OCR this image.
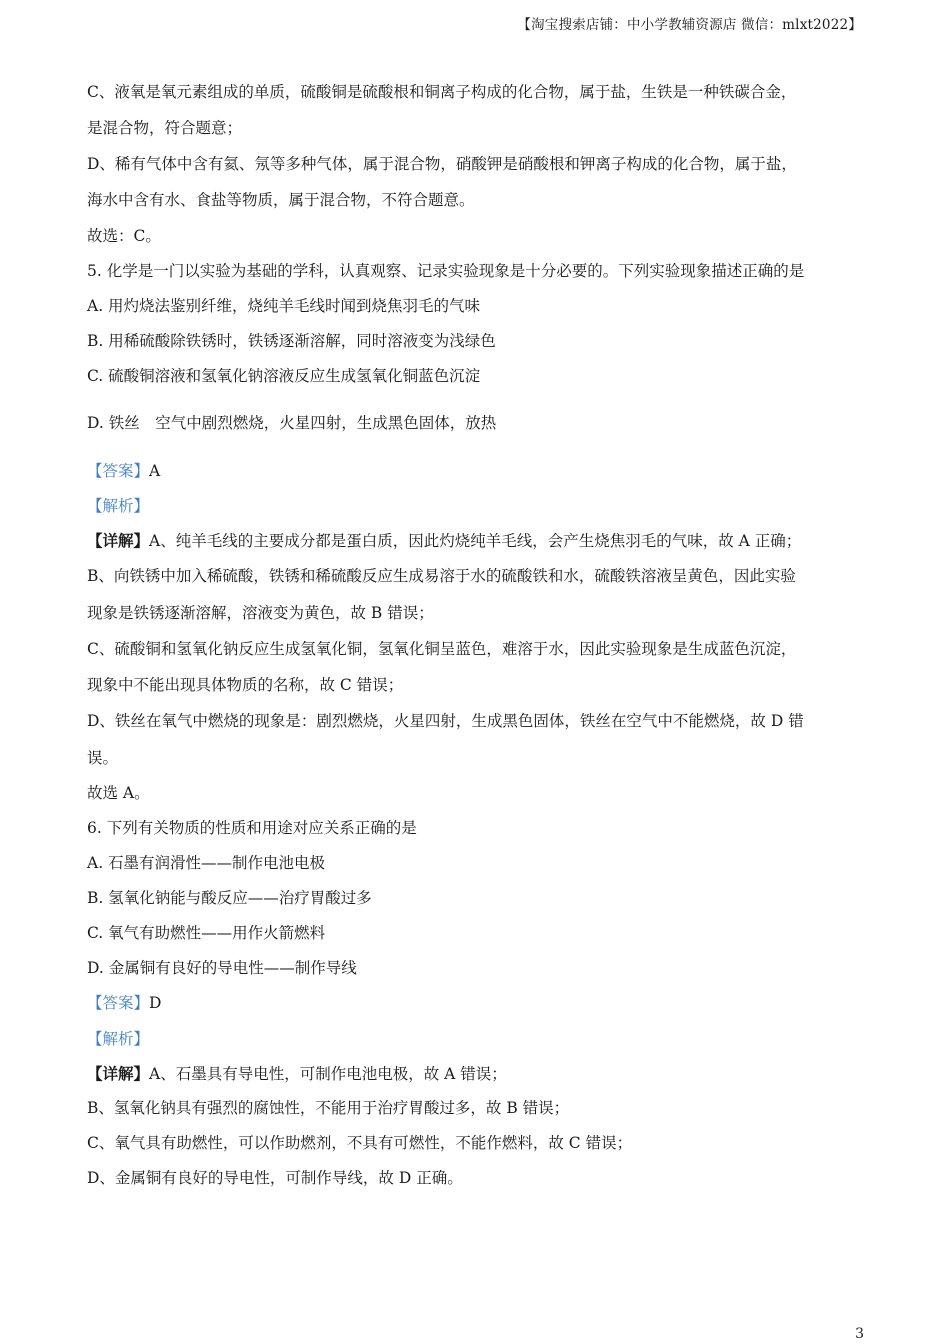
【淘宝搜索店铺：中小学教辅资源店 微信：mlxt2022】
C、液氧是氧元素组成的单质，硫酸铜是硫酸根和铜离子构成的化合物，属于盐，生铁是一种铁碳合金，
是混合物，符合题意；
D、稀有气体中含有氦、氖等多种气体，属于混合物，硝酸钾是硝酸根和钾离子构成的化合物，属于盐，
海水中含有水、食盐等物质，属于混合物，不符合题意。
故选：C。
5. 化学是一门以实验为基础的学科，认真观察、记录实验现象是十分必要的。下列实验现象描述正确的是
A. 用灼烧法鉴别纤维，烧纯羊毛线时闻到烧焦羽毛的气味
B. 用稀硫酸除铁锈时，铁锈逐渐溶解，同时溶液变为浅绿色
C. 硫酸铜溶液和氢氧化钠溶液反应生成氢氧化铜蓝色沉淀
D. 铁丝　空气中剧烈燃烧，火星四射，生成黑色固体，放热
【答案】A
【解析】
【详解】A、纯羊毛线的主要成分都是蛋白质，因此灼烧纯羊毛线，会产生烧焦羽毛的气味，故 A 正确；
B、向铁锈中加入稀硫酸，铁锈和稀硫酸反应生成易溶于水的硫酸铁和水，硫酸铁溶液呈黄色，因此实验
现象是铁锈逐渐溶解，溶液变为黄色，故 B 错误；
C、硫酸铜和氢氧化钠反应生成氢氧化铜，氢氧化铜呈蓝色，难溶于水，因此实验现象是生成蓝色沉淀，
现象中不能出现具体物质的名称，故 C 错误；
D、铁丝在氧气中燃烧的现象是：剧烈燃烧，火星四射，生成黑色固体，铁丝在空气中不能燃烧，故 D 错
误。
故选 A。
6. 下列有关物质的性质和用途对应关系正确的是
A. 石墨有润滑性——制作电池电极
B. 氢氧化钠能与酸反应——治疗胃酸过多
C. 氧气有助燃性——用作火箭燃料
D. 金属铜有良好的导电性——制作导线
【答案】D
【解析】
【详解】A、石墨具有导电性，可制作电池电极，故 A 错误；
B、氢氧化钠具有强烈的腐蚀性，不能用于治疗胃酸过多，故 B 错误；
C、氧气具有助燃性，可以作助燃剂，不具有可燃性，不能作燃料，故 C 错误；
D、金属铜有良好的导电性，可制作导线，故 D 正确。
3
